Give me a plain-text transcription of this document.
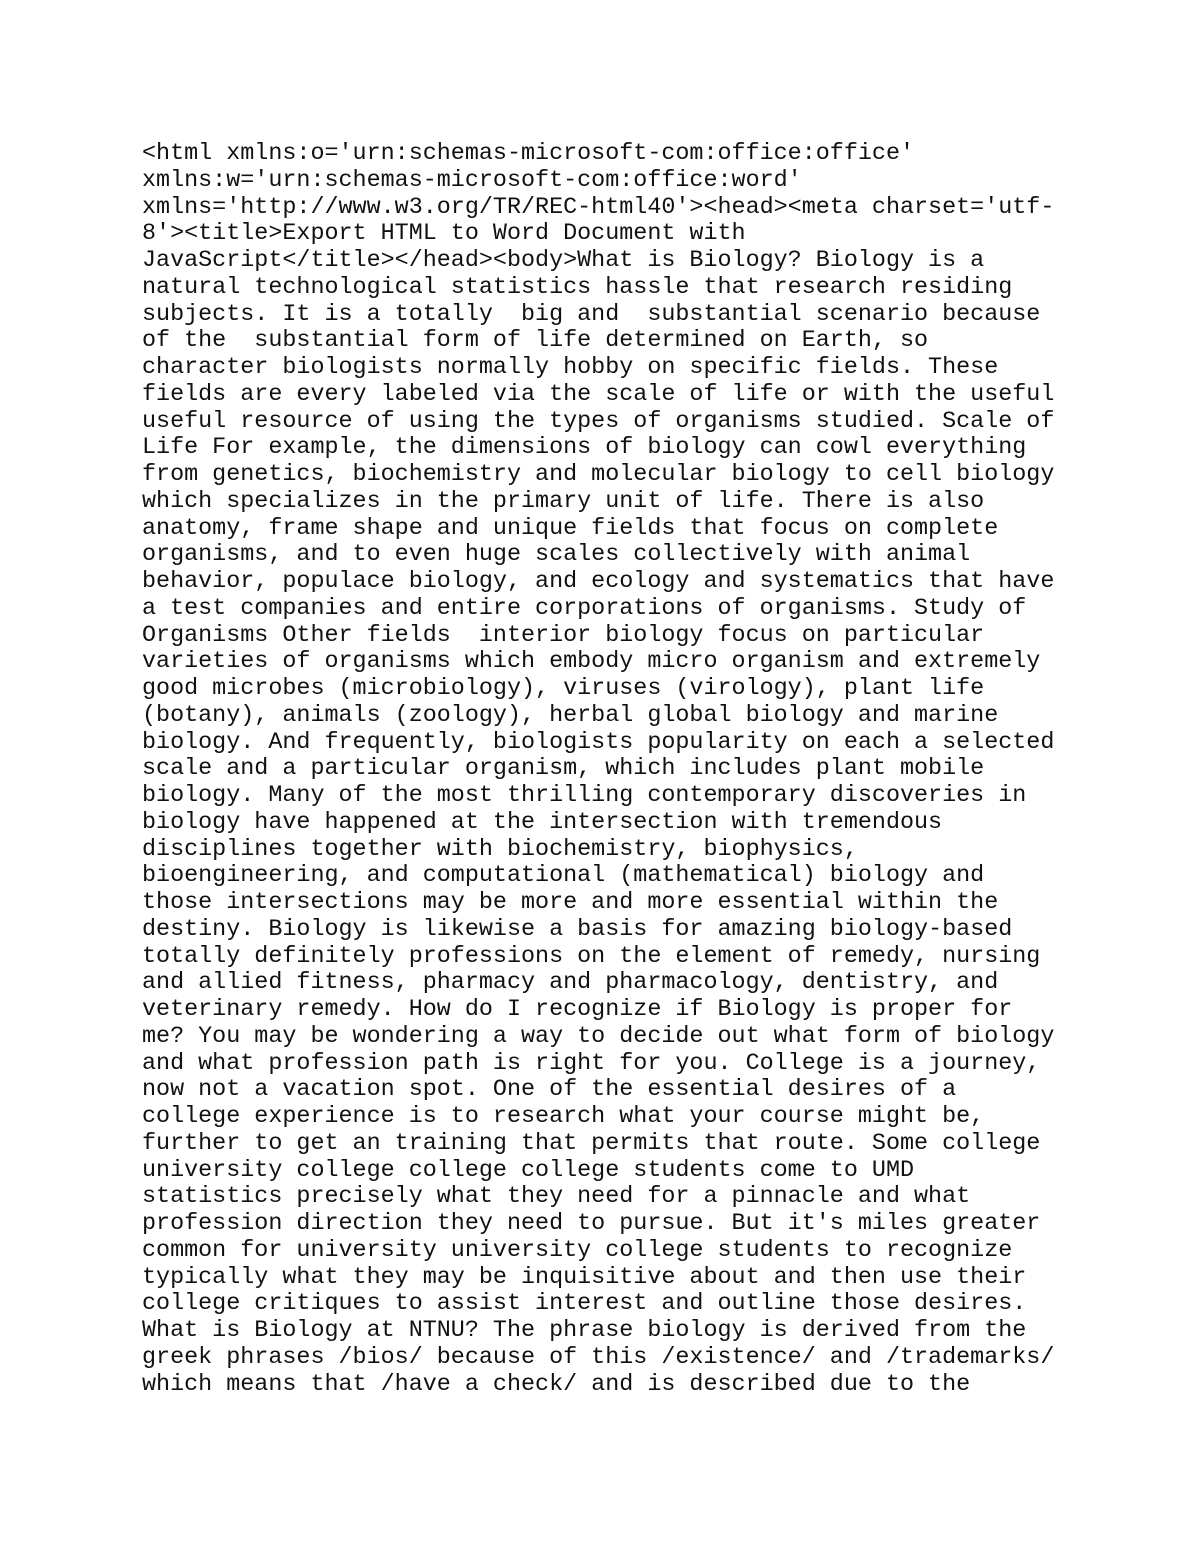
<html xmlns:o='urn:schemas-microsoft-com:office:office'
xmlns:w='urn:schemas-microsoft-com:office:word'
xmlns='http://www.w3.org/TR/REC-html40'><head><meta charset='utf-
8'><title>Export HTML to Word Document with
JavaScript</title></head><body>What is Biology? Biology is a
natural technological statistics hassle that research residing
subjects. It is a totally  big and  substantial scenario because
of the  substantial form of life determined on Earth, so
character biologists normally hobby on specific fields. These
fields are every labeled via the scale of life or with the useful
useful resource of using the types of organisms studied. Scale of
Life For example, the dimensions of biology can cowl everything
from genetics, biochemistry and molecular biology to cell biology
which specializes in the primary unit of life. There is also
anatomy, frame shape and unique fields that focus on complete
organisms, and to even huge scales collectively with animal
behavior, populace biology, and ecology and systematics that have
a test companies and entire corporations of organisms. Study of
Organisms Other fields  interior biology focus on particular
varieties of organisms which embody micro organism and extremely
good microbes (microbiology), viruses (virology), plant life
(botany), animals (zoology), herbal global biology and marine
biology. And frequently, biologists popularity on each a selected
scale and a particular organism, which includes plant mobile
biology. Many of the most thrilling contemporary discoveries in
biology have happened at the intersection with tremendous
disciplines together with biochemistry, biophysics,
bioengineering, and computational (mathematical) biology and
those intersections may be more and more essential within the
destiny. Biology is likewise a basis for amazing biology-based
totally definitely professions on the element of remedy, nursing
and allied fitness, pharmacy and pharmacology, dentistry, and
veterinary remedy. How do I recognize if Biology is proper for
me? You may be wondering a way to decide out what form of biology
and what profession path is right for you. College is a journey,
now not a vacation spot. One of the essential desires of a
college experience is to research what your course might be,
further to get an training that permits that route. Some college
university college college college students come to UMD
statistics precisely what they need for a pinnacle and what
profession direction they need to pursue. But it's miles greater
common for university university college students to recognize
typically what they may be inquisitive about and then use their
college critiques to assist interest and outline those desires.
What is Biology at NTNU? The phrase biology is derived from the
greek phrases /bios/ because of this /existence/ and /trademarks/
which means that /have a check/ and is described due to the
